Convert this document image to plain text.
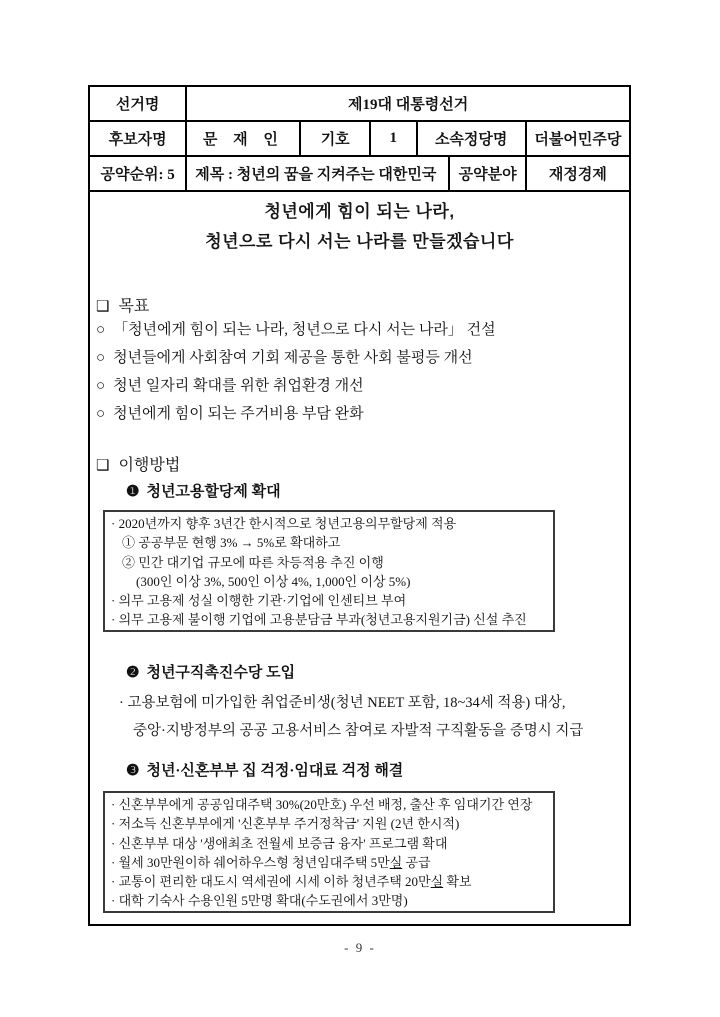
선거명	제19대 대통령선거
후보자명	문 재 인	기호	1	소속정당명	더불어민주당
공약순위: 5	제목 : 청년의 꿈을 지켜주는 대한민국	공약분야	재정경제
청년에게 힘이 되는 나라,
청년으로 다시 서는 나라를 만들겠습니다
❑ 목표
○ 「청년에게 힘이 되는 나라, 청년으로 다시 서는 나라」 건설
○ 청년들에게 사회참여 기회 제공을 통한 사회 불평등 개선
○ 청년 일자리 확대를 위한 취업환경 개선
○ 청년에게 힘이 되는 주거비용 부담 완화
❑ 이행방법
❶ 청년고용할당제 확대
· 2020년까지 향후 3년간 한시적으로 청년고용의무할당제 적용
① 공공부문 현행 3% → 5%로 확대하고
② 민간 대기업 규모에 따른 차등적용 추진 이행
(300인 이상 3%, 500인 이상 4%, 1,000인 이상 5%)
· 의무 고용제 성실 이행한 기관·기업에 인센티브 부여
· 의무 고용제 불이행 기업에 고용분담금 부과(청년고용지원기금) 신설 추진
❷ 청년구직촉진수당 도입
· 고용보험에 미가입한 취업준비생(청년 NEET 포함, 18~34세 적용) 대상,
중앙·지방정부의 공공 고용서비스 참여로 자발적 구직활동을 증명시 지급
❸ 청년·신혼부부 집 걱정·임대료 걱정 해결
· 신혼부부에게 공공임대주택 30%(20만호) 우선 배정, 출산 후 임대기간 연장
· 저소득 신혼부부에게 '신혼부부 주거정착금' 지원 (2년 한시적)
· 신혼부부 대상 '생애최초 전월세 보증금 융자' 프로그램 확대
· 월세 30만원이하 쉐어하우스형 청년임대주택 5만실 공급
· 교통이 편리한 대도시 역세권에 시세 이하 청년주택 20만실 확보
· 대학 기숙사 수용인원 5만명 확대(수도권에서 3만명)
- 9 -
